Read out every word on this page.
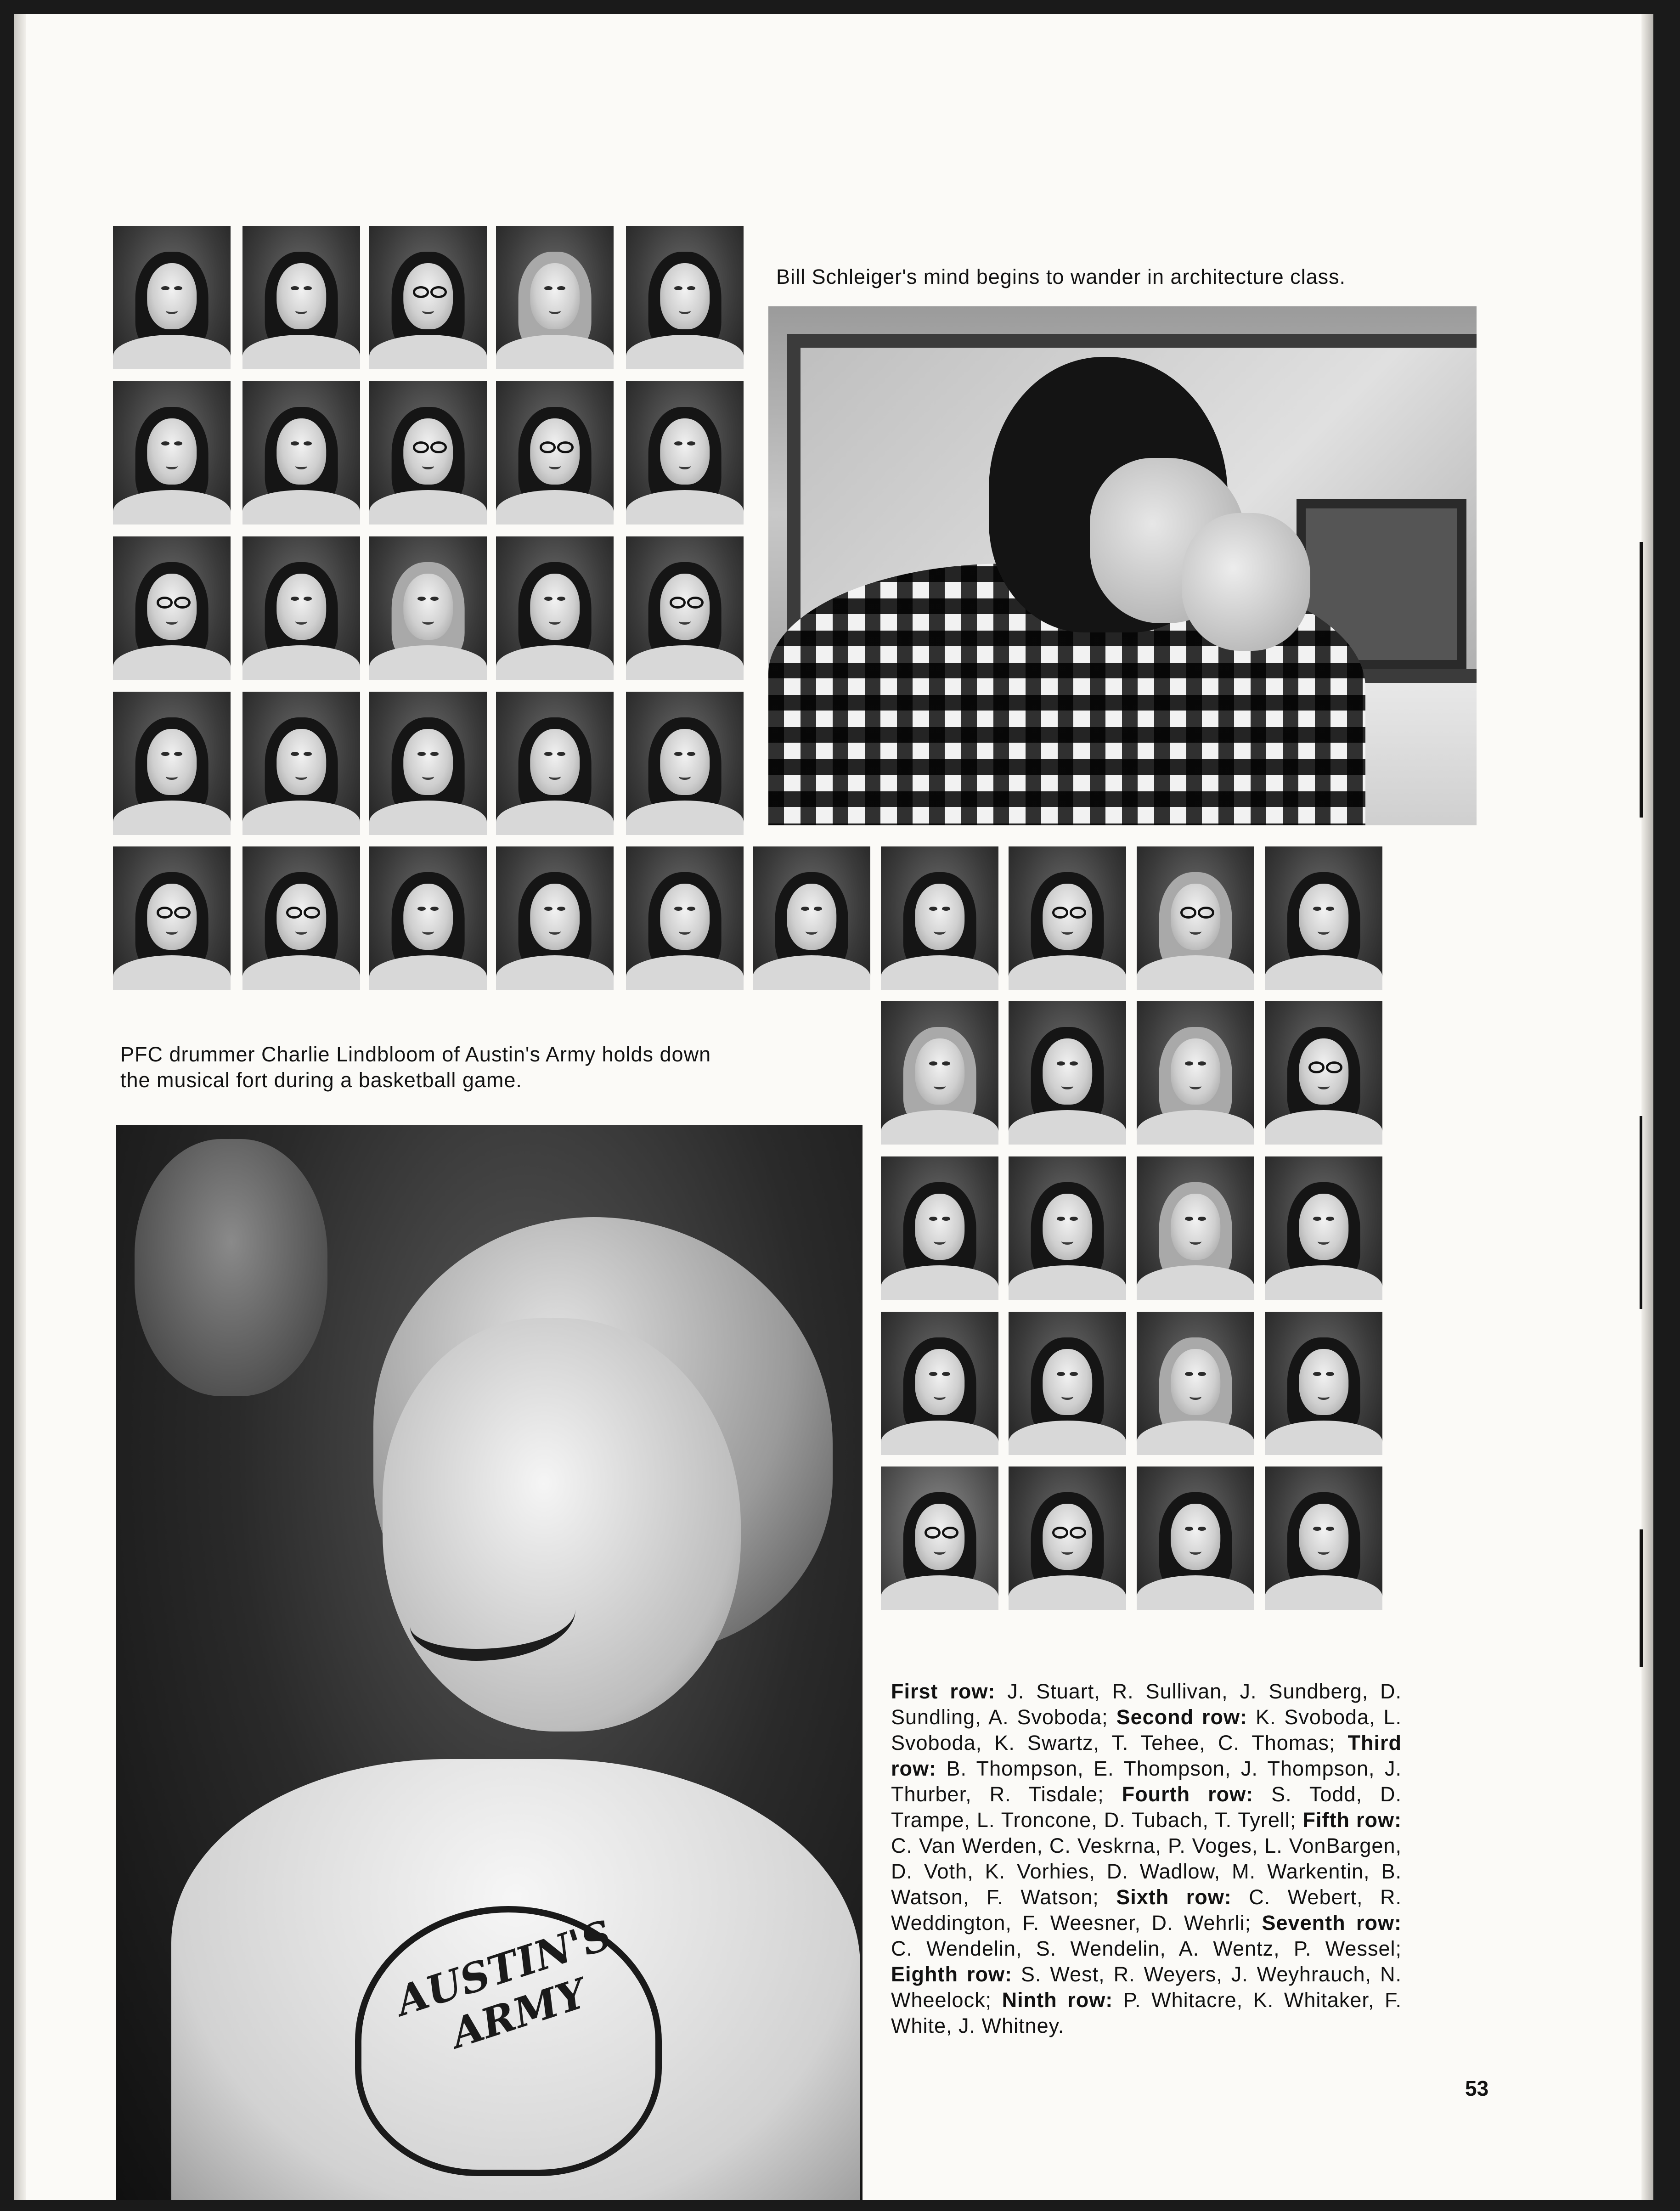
Bill Schleiger's mind begins to wander in architecture class.
PFC drummer Charlie Lindbloom of Austin's Army holds down
the musical fort during a basketball game.
AUSTIN'S ARMY
First row: J. Stuart, R. Sullivan, J. Sundberg, D. Sundling, A. Svoboda; Second row: K. Svoboda, L. Svoboda, K. Swartz, T. Tehee, C. Thomas; Third row: B. Thompson, E. Thompson, J. Thompson, J. Thurber, R. Tisdale; Fourth row: S. Todd, D. Trampe, L. Troncone, D. Tubach, T. Tyrell; Fifth row: C. Van Werden, C. Veskrna, P. Voges, L. VonBargen, D. Voth, K. Vorhies, D. Wadlow, M. Warkentin, B. Watson, F. Watson; Sixth row: C. Webert, R. Weddington, F. Weesner, D. Wehrli; Seventh row: C. Wendelin, S. Wendelin, A. Wentz, P. Wessel; Eighth row: S. West, R. Weyers, J. Weyhrauch, N. Wheelock; Ninth row: P. Whitacre, K. Whitaker, F. White, J. Whitney.
53
